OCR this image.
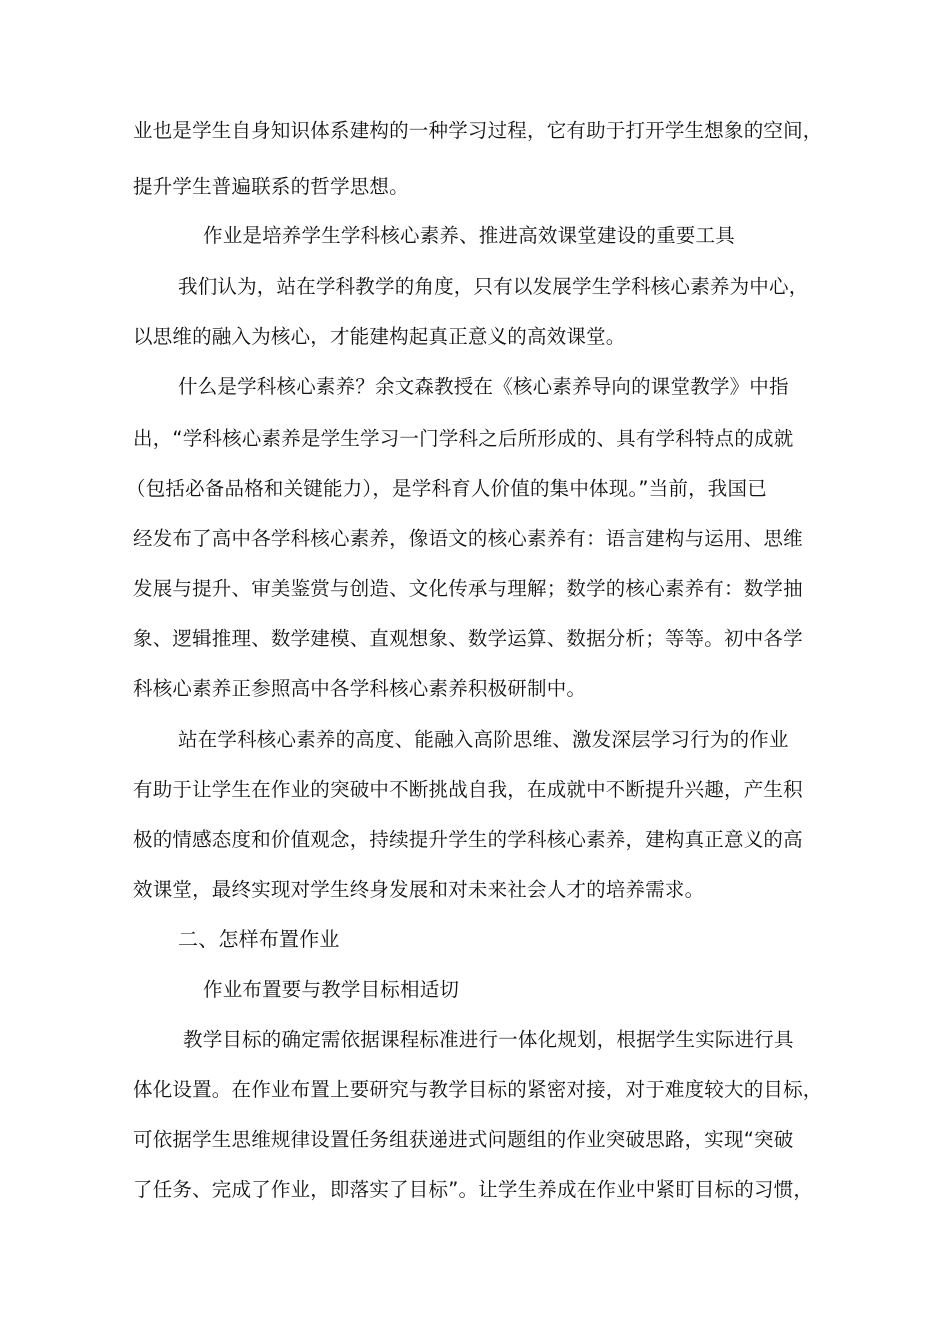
业也是学生自身知识体系建构的一种学习过程，它有助于打开学生想象的空间，
提升学生普遍联系的哲学思想。
作业是培养学生学科核心素养、推进高效课堂建设的重要工具
我们认为，站在学科教学的角度，只有以发展学生学科核心素养为中心，
以思维的融入为核心，才能建构起真正意义的高效课堂。
什么是学科核心素养？余文森教授在《核心素养导向的课堂教学》中指
出，“学科核心素养是学生学习一门学科之后所形成的、具有学科特点的成就
（包括必备品格和关键能力），是学科育人价值的集中体现。”当前，我国已
经发布了高中各学科核心素养，像语文的核心素养有：语言建构与运用、思维
发展与提升、审美鉴赏与创造、文化传承与理解；数学的核心素养有：数学抽
象、逻辑推理、数学建模、直观想象、数学运算、数据分析；等等。初中各学
科核心素养正参照高中各学科核心素养积极研制中。
站在学科核心素养的高度、能融入高阶思维、激发深层学习行为的作业
有助于让学生在作业的突破中不断挑战自我，在成就中不断提升兴趣，产生积
极的情感态度和价值观念，持续提升学生的学科核心素养，建构真正意义的高
效课堂，最终实现对学生终身发展和对未来社会人才的培养需求。
二、怎样布置作业
作业布置要与教学目标相适切
教学目标的确定需依据课程标准进行一体化规划，根据学生实际进行具
体化设置。在作业布置上要研究与教学目标的紧密对接，对于难度较大的目标，
可依据学生思维规律设置任务组获递进式问题组的作业突破思路，实现“突破
了任务、完成了作业，即落实了目标”。让学生养成在作业中紧盯目标的习惯，
